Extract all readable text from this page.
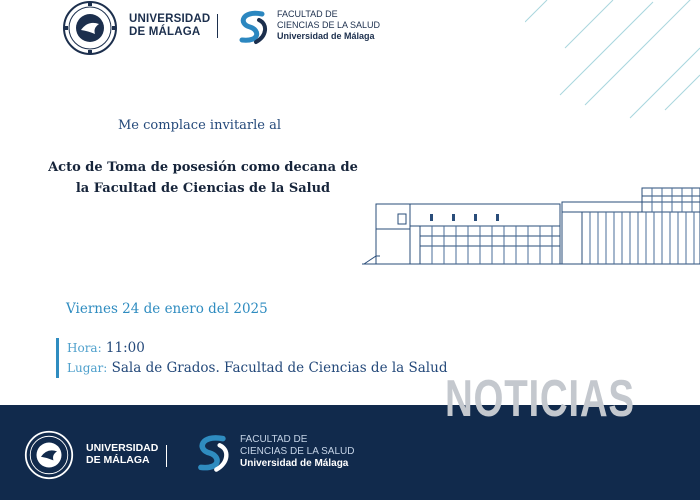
UNIVERSIDAD
DE MÁLAGA
FACULTAD DE
CIENCIAS DE LA SALUD
Universidad de Málaga
Me complace invitarle al
Acto de Toma de posesión como decana de
la Facultad de Ciencias de la Salud
Viernes 24 de enero del 2025
Hora: 11:00
Lugar: Sala de Grados. Facultad de Ciencias de la Salud
UNIVERSIDAD
DE MÁLAGA
FACULTAD DE
CIENCIAS DE LA SALUD
Universidad de Málaga
NOTICIAS
